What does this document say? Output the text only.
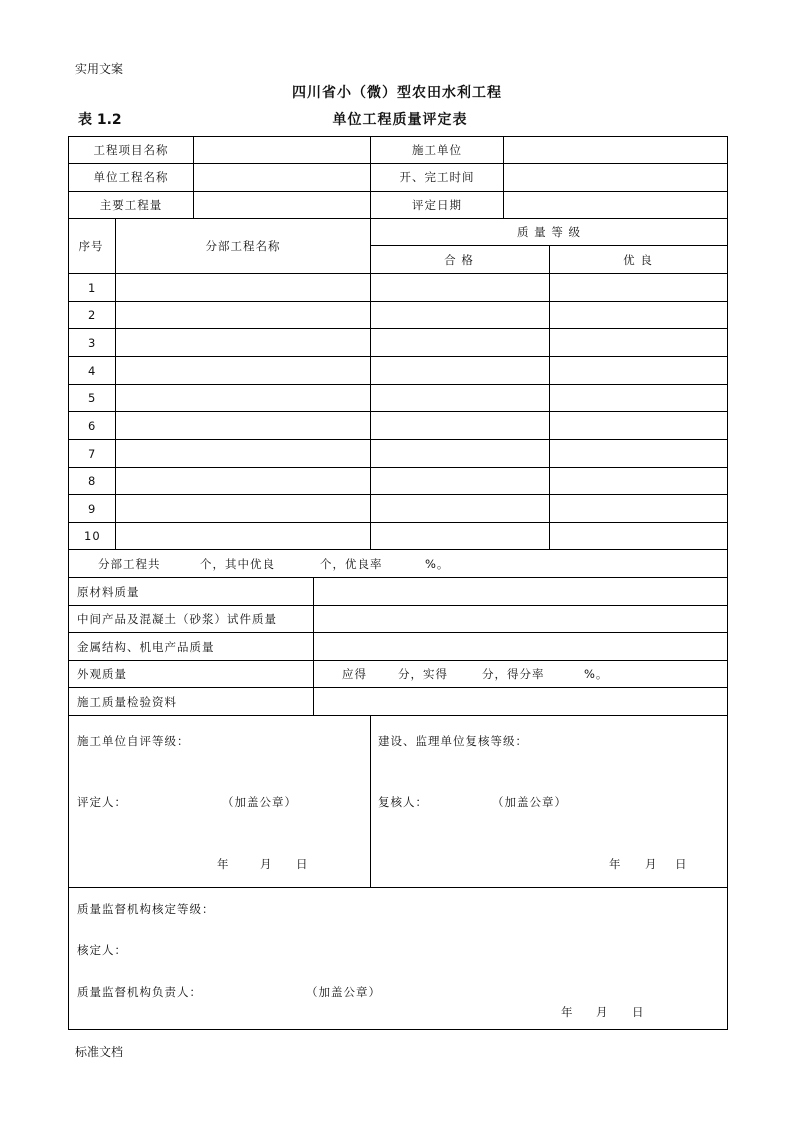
实用文案
四川省小（微）型农田水利工程
表 1.2	单位工程质量评定表
工程项目名称	施工单位
单位工程名称	开、完工时间
主要工程量	评定日期
序号	分部工程名称
质 量 等 级
合 格	优 良
1
2
3
4
5
6
7
8
9
10
分部工程共	个，其中优良	个，优良率	%。
原材料质量
中间产品及混凝土（砂浆）试件质量
金属结构、机电产品质量
外观质量	应得	分，实得	分，得分率	%。
施工质量检验资料
施工单位自评等级：	建设、监理单位复核等级：
评定人：	（加盖公章）	复核人：	（加盖公章）
年	月 日	年 月 日
质量监督机构核定等级：
核定人：
质量监督机构负责人：	（加盖公章）
年 月 日
标准文档
